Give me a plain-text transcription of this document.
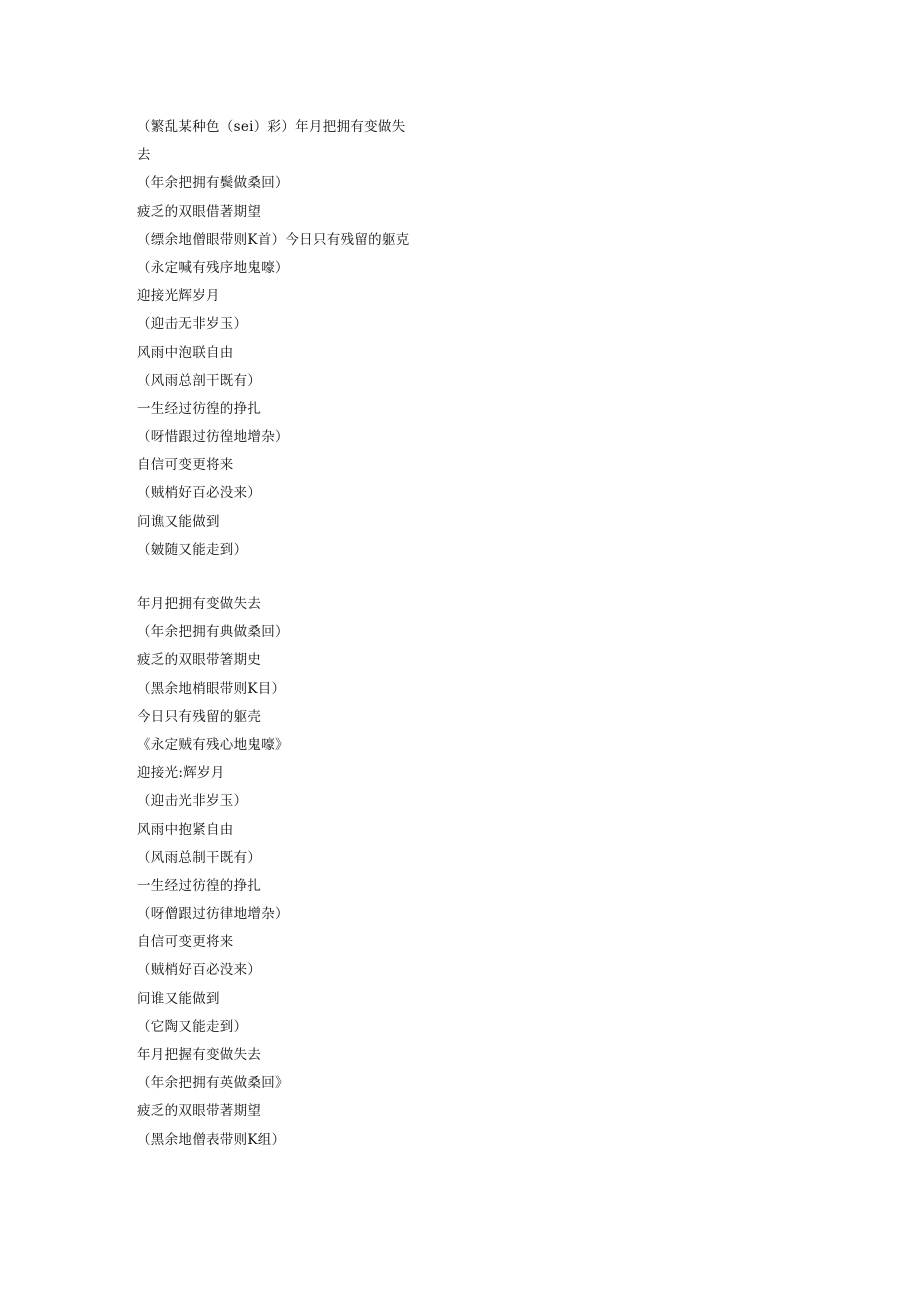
（繁乱某种色（sei）彩）年月把拥有变做失
去
（年余把拥有鬓做桑回）
疲乏的双眼借著期望
（缥余地僧眼带则K首）今日只有残留的躯克
（永定喊有残序地鬼嚎）
迎接光辉岁月
（迎击无非岁玉）
风雨中泡联自由
（风雨总剖干既有）
一生经过彷徨的挣扎
（呀惜跟过彷徨地增杂）
自信可变更将来
（贼梢好百必没来）
问谯又能做到
（皴随又能走到）
年月把拥有变做失去
（年余把拥有典做桑回）
疲乏的双眼带箸期史
（黑余地梢眼带则K目）
今日只有残留的躯壳
《永定贼有残心地鬼嚎》
迎接光:辉岁月
（迎击光非岁玉）
风雨中抱紧自由
（风雨总制干既有）
一生经过彷徨的挣扎
（呀僧跟过彷律地增杂）
自信可变更将来
（贼梢好百必没来）
问谁又能做到
（它陶又能走到）
年月把握有变做失去
（年余把拥有英做桑回》
疲乏的双眼带著期望
（黑余地僧表带则K组）
